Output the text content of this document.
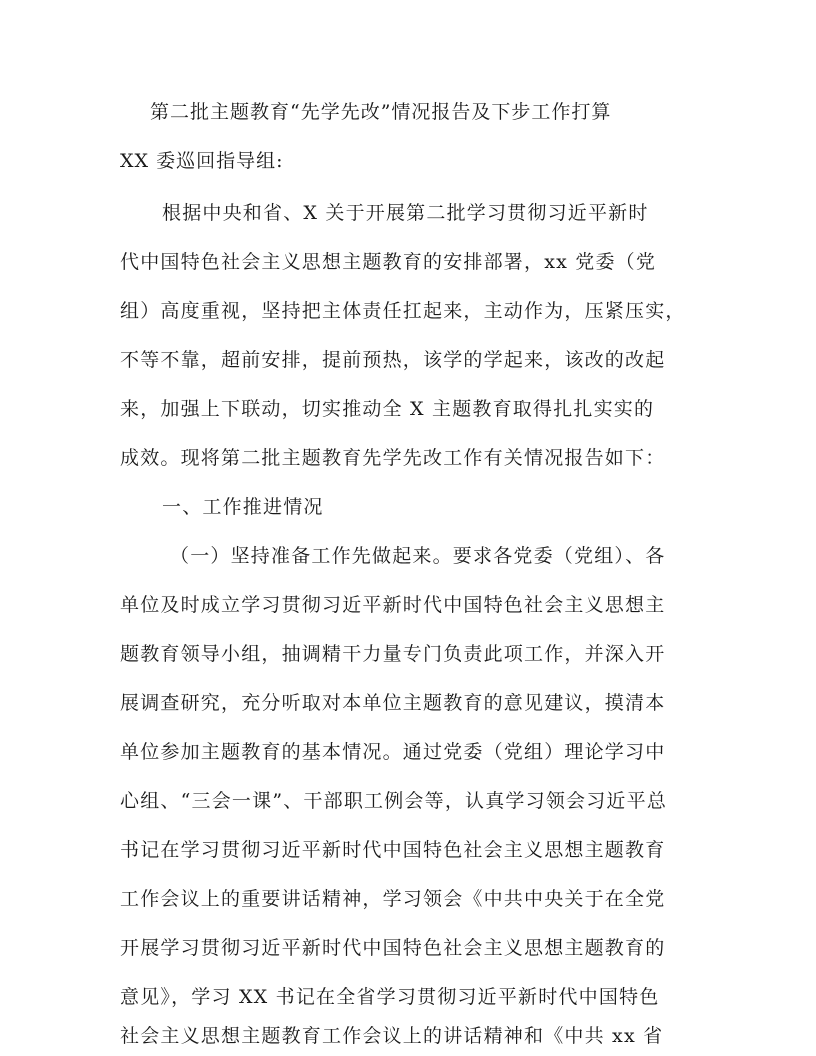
第二批主题教育“先学先改”情况报告及下步工作打算
XX 委巡回指导组:
根据中央和省、X 关于开展第二批学习贯彻习近平新时
代中国特色社会主义思想主题教育的安排部署，xx 党委（党
组）高度重视，坚持把主体责任扛起来，主动作为，压紧压实，
不等不靠，超前安排，提前预热，该学的学起来，该改的改起
来，加强上下联动，切实推动全 X 主题教育取得扎扎实实的
成效。现将第二批主题教育先学先改工作有关情况报告如下：
一、工作推进情况
（一）坚持准备工作先做起来。要求各党委（党组）、各
单位及时成立学习贯彻习近平新时代中国特色社会主义思想主
题教育领导小组，抽调精干力量专门负责此项工作，并深入开
展调查研究，充分听取对本单位主题教育的意见建议，摸清本
单位参加主题教育的基本情况。通过党委（党组）理论学习中
心组、“三会一课”、干部职工例会等，认真学习领会习近平总
书记在学习贯彻习近平新时代中国特色社会主义思想主题教育
工作会议上的重要讲话精神，学习领会《中共中央关于在全党
开展学习贯彻习近平新时代中国特色社会主义思想主题教育的
意见》，学习 XX 书记在全省学习贯彻习近平新时代中国特色
社会主义思想主题教育工作会议上的讲话精神和《中共 xx 省
